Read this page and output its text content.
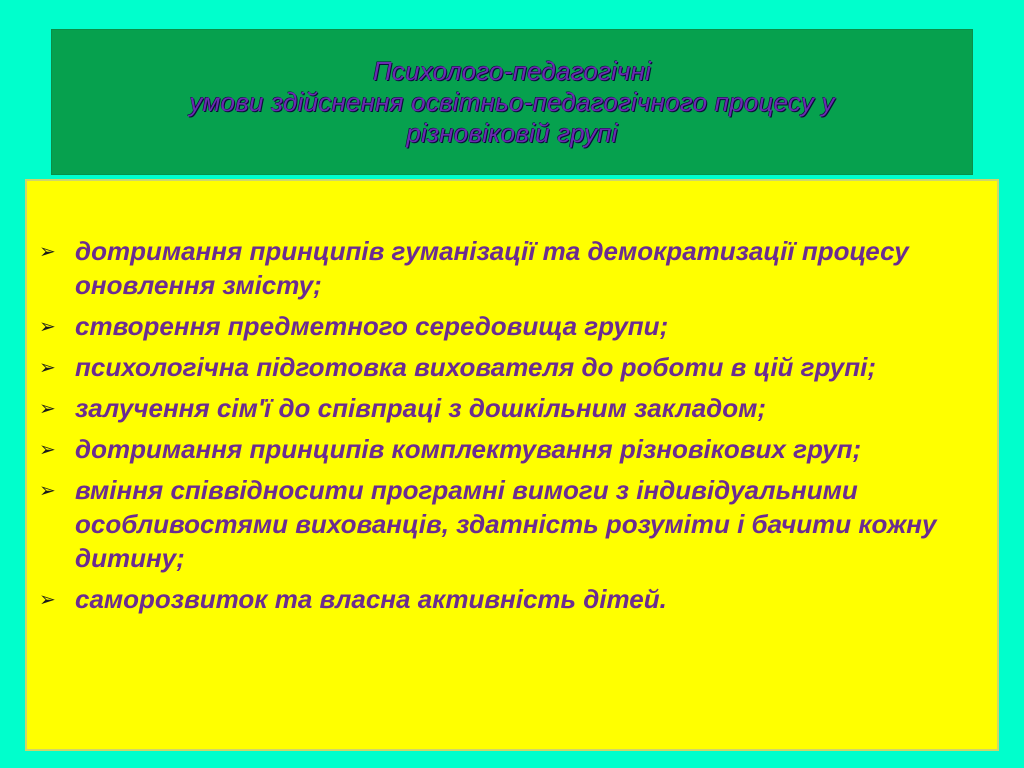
Психолого-педагогічні
умови здійснення освітньо-педагогічного процесу у
різновіковій групі
➢ дотримання принципів гуманізації та демократизації процесу оновлення змісту;
➢ створення предметного середовища групи;
➢ психологічна підготовка вихователя до роботи в цій групі;
➢ залучення сім'ї до співпраці з дошкільним закладом;
➢ дотримання принципів комплектування різновікових груп;
➢ вміння співвідносити програмні вимоги з індивідуальними особливостями вихованців, здатність розуміти і бачити кожну дитину;
➢ саморозвиток та власна активність дітей.
